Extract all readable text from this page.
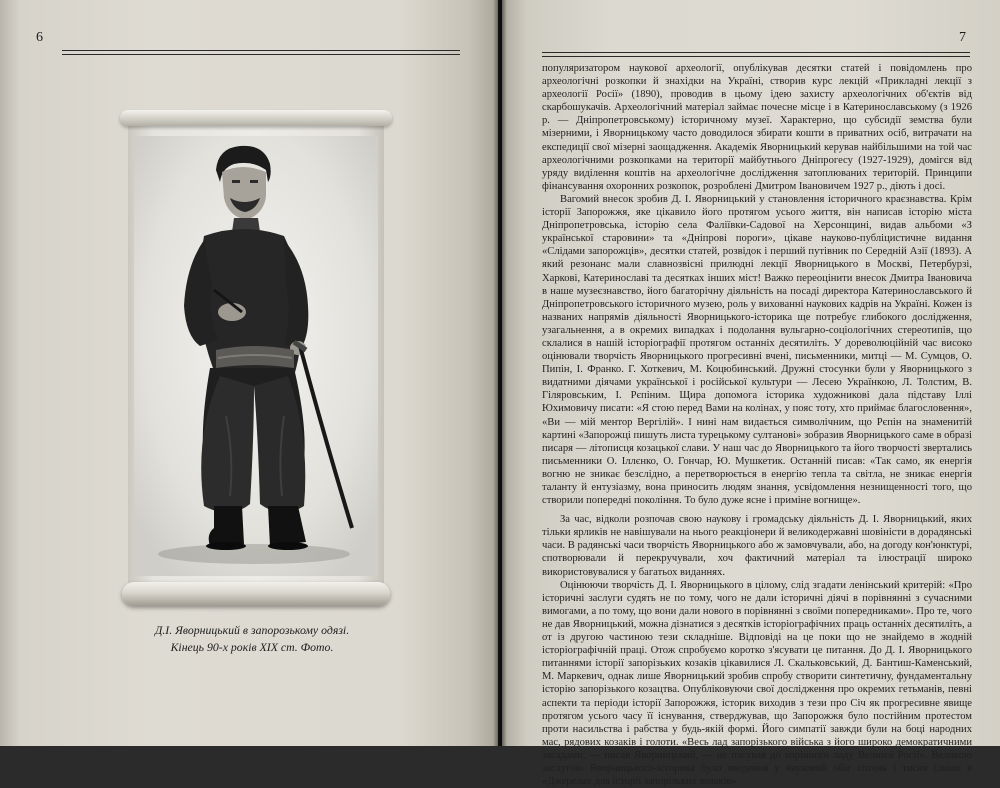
6
Д.І. Яворницький в запорозькому одязі.
Кінець 90-х років XIX ст. Фото.
7

популяризатором наукової археології, опублікував десятки статей і повідомлень про археологічні розкопки й знахідки на Україні, створив курс лекцій «Прикладні лекції з археології Росії» (1890), проводив в цьому ідею захисту археологічних об'єктів від скарбошукачів. Археологічний матеріал займає почесне місце і в Катеринославському (з 1926 р. — Дніпропетровському) історичному музеї. Характерно, що субсидії земства були мізерними, і Яворницькому часто доводилося збирати кошти в приватних осіб, витрачати на експедиції свої мізерні заощадження. Академік Яворницький керував найбільшими на той час археологічними розкопками на території майбутнього Дніпрогесу (1927-1929), домігся від уряду виділення коштів на археологічне дослідження затоплюваних територій. Принципи фінансування охоронних розкопок, розроблені Дмитром Івановичем 1927 р., діють і досі.

Вагомий внесок зробив Д. І. Яворницький у становлення історичного краєзнавства. Крім історії Запорожжя, яке цікавило його протягом усього життя, він написав історію міста Дніпропетровська, історію села Фаліївки-Садової на Херсонщині, видав альбоми «З української старовини» та «Дніпрові пороги», цікаве науково-публіцистичне видання «Слідами запорожців», десятки статей, розвідок і перший путівник по Середній Азії (1893). А який резонанс мали славнозвісні прилюдні лекції Яворницького в Москві, Петербурзі, Харкові, Катеринославі та десятках інших міст! Важко переоцінити внесок Дмитра Івановича в наше музеєзнавство, його багаторічну діяльність на посаді директора Катеринославського й Дніпропетровського історичного музею, роль у вихованні наукових кадрів на Україні. Кожен із названих напрямів діяльності Яворницького-історика ще потребує глибокого дослідження, узагальнення, а в окремих випадках і подолання вульгарно-соціологічних стереотипів, що склалися в нашій історіографії протягом останніх десятиліть. У дореволюційній час високо оцінювали творчість Яворницького прогресивні вчені, письменники, митці — М. Сумцов, О. Пипін, І. Франко. Г. Хоткевич, М. Коцюбинський. Дружні стосунки були у Яворницького з видатними діячами української і російської культури — Лесею Українкою, Л. Толстим, В. Гіляровським, І. Рєпіним. Щира допомога історика художникові дала підставу Іллі Юхимовичу писати: «Я стою перед Вами на колінах, у пояс тоту, хто приймає благословення», «Ви — мій ментор Вергілій». І нині нам видається символічним, що Рєпін на знаменитій картині «Запорожці пишуть листа турецькому султанові» зобразив Яворницького саме в образі писаря — літописця козацької слави. У наш час до Яворницького та його творчості звертались письменники О. Іллєнко, О. Гончар, Ю. Мушкетик. Останній писав: «Так само, як енергія вогню не зникає безслідно, а перетворюється в енергію тепла та світла, не зникає енергія таланту й ентузіазму, вона приносить людям знання, усвідомлення незнищенності того, що створили попередні покоління. То було дуже ясне і приміне вогнище».

За час, відколи розпочав свою наукову і громадську діяльність Д. І. Яворницький, яких тільки ярликів не навішували на нього реакціонери й великодержавні шовіністи в дорадянські часи. В радянські часи творчість Яворницького або ж замовчували, або, на догоду кон'юнктурі, спотворювали й перекручували, хоч фактичний матеріал та ілюстрації широко використовувалися у багатьох виданнях.

Оцінюючи творчість Д. І. Яворницького в цілому, слід згадати ленінський критерій: «Про історичні заслуги судять не по тому, чого не дали історичні діячі в порівнянні з сучасними вимогами, а по тому, що вони дали нового в порівнянні з своїми попередниками». Про те, чого не дав Яворницький, можна дізнатися з десятків історіографічних праць останніх десятиліть, а от із другою частиною тези складніше. Відповіді на це поки що не знайдемо в жодній історіографічній праці. Отож спробуємо коротко з'ясувати це питання. До Д. І. Яворницького питаннями історії запорізьких козаків цікавилися Л. Скальковський, Д. Бантиш-Каменський, М. Маркевич, однак лише Яворницький зробив спробу створити синтетичну, фундаментальну історію запорізького козацтва. Опубліковуючи свої дослідження про окремих гетьманів, певні аспекти та періоди історії Запорожжя, історик виходив з тези про Січ як прогресивне явище протягом усього часу її існування, стверджував, що Запорожжя було постійним протестом проти насильства і рабства у будь-якій формі. Його симпатії завжди були на боці народних мас, рядових козаків і голоти. «Весь лад запорізького війська з його широко демократичними засадами, — писав Яворницький, — не пасував до корінного ладу Великої Росії». Великою заслугою Яворницького-історика було введення у науковий обіг сотень і тисяч (лише в «Джерелах для історії запорізьких козаків»
